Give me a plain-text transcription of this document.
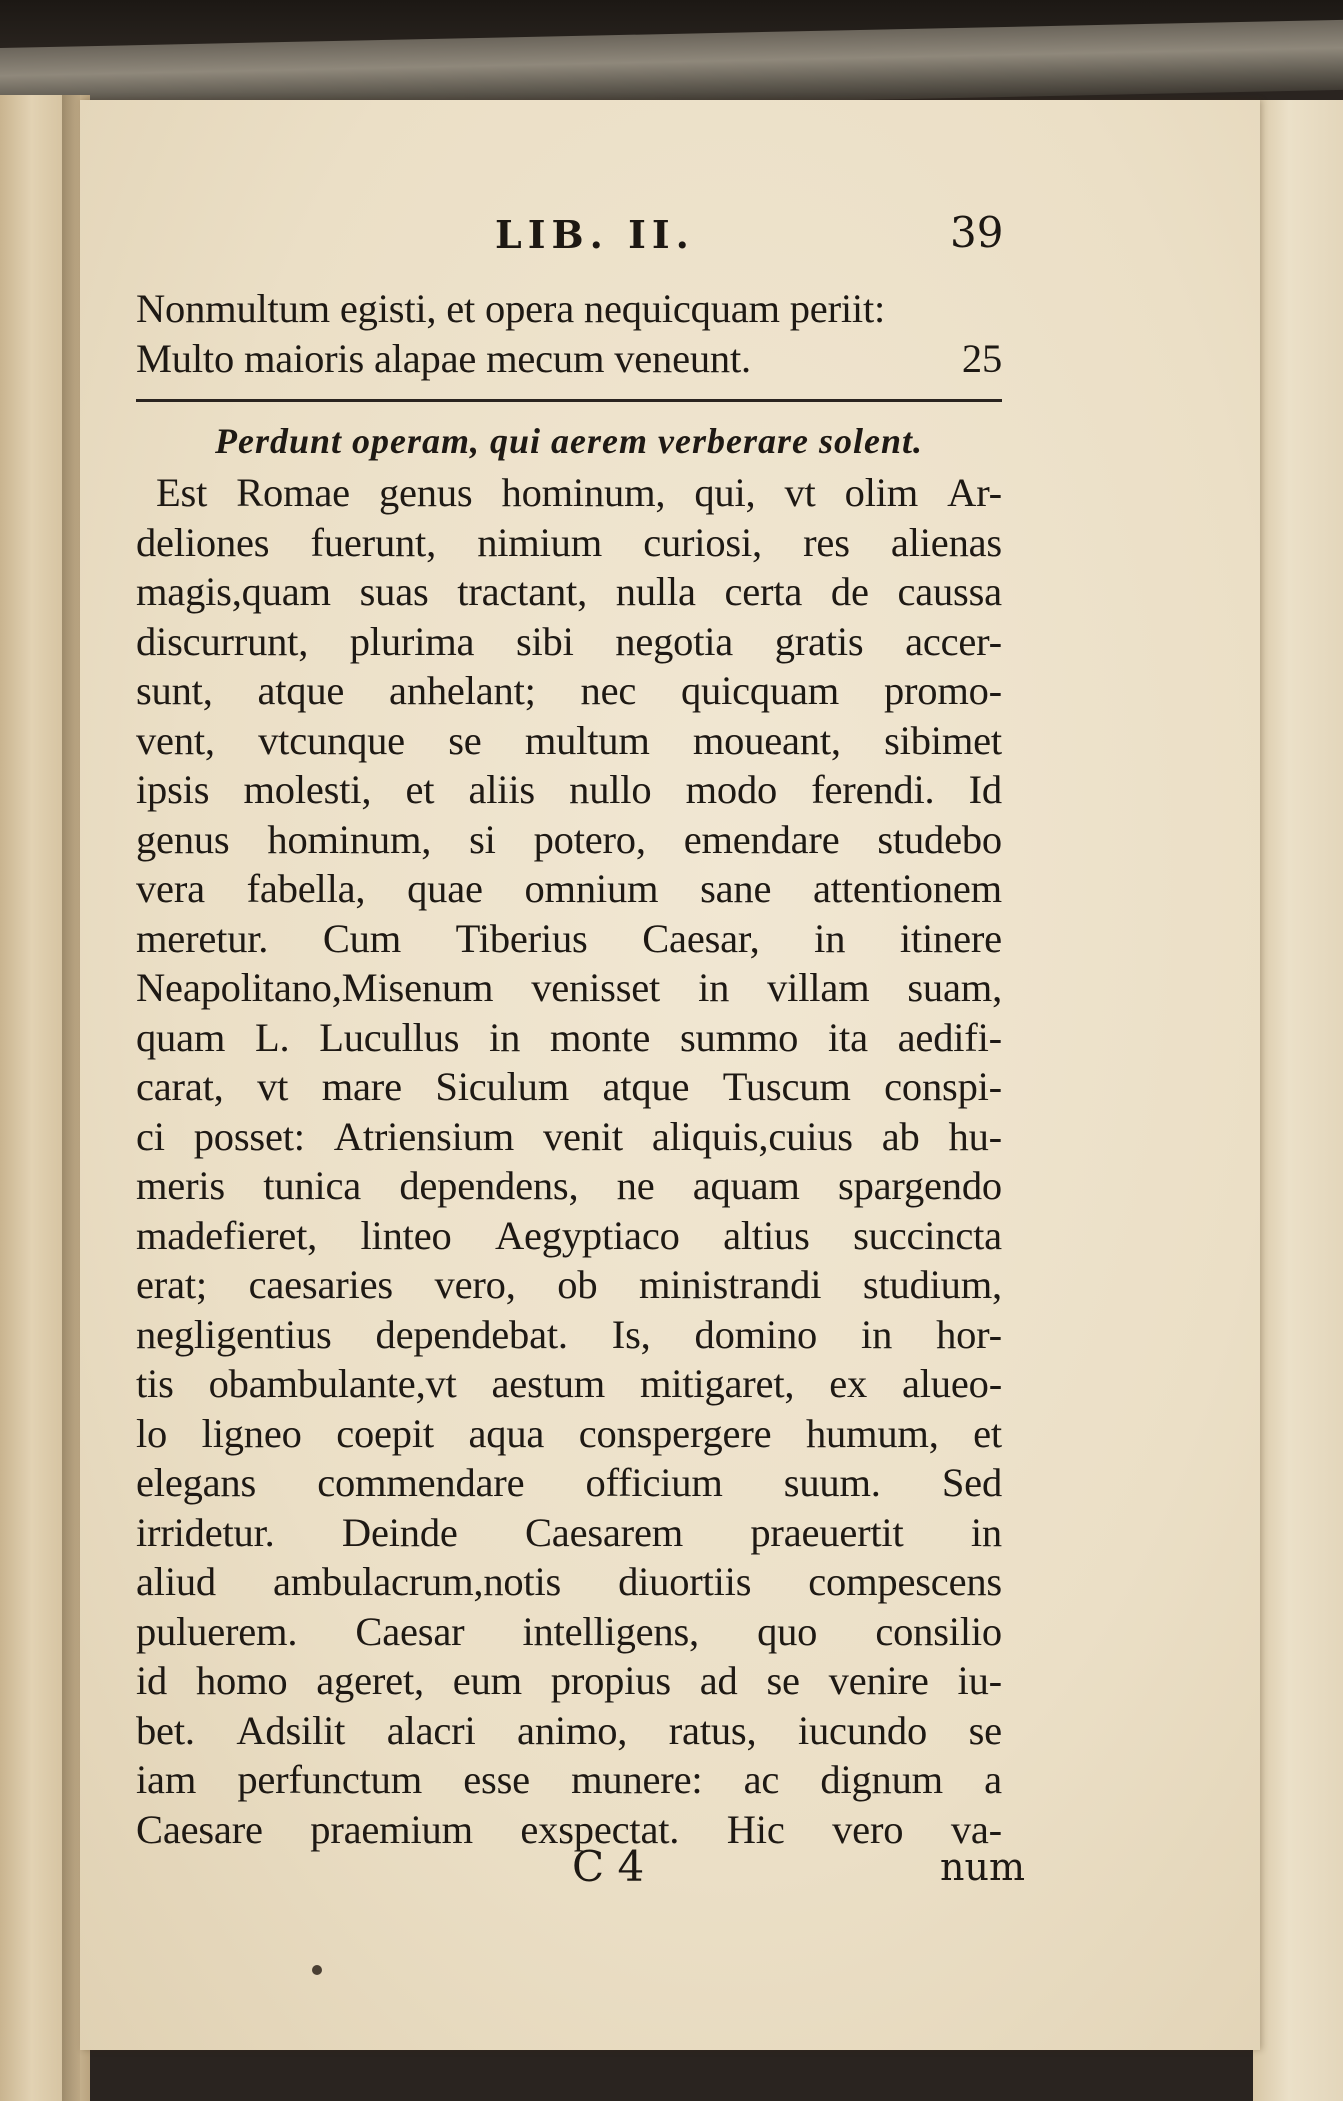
LIB. II.	39
Nonmultum egisti, et opera nequicquam periit:
Multo maioris alapae mecum veneunt.	25
Perdunt operam, qui aerem verberare solent.
Est Romae genus hominum, qui, vt olim Ar-
deliones fuerunt, nimium curiosi, res alienas
magis,quam suas tractant, nulla certa de caussa
discurrunt, plurima sibi negotia gratis accer-
sunt, atque anhelant; nec quicquam promo-
vent, vtcunque se multum moueant, sibimet
ipsis molesti, et aliis nullo modo ferendi. Id
genus hominum, si potero, emendare studebo
vera fabella, quae omnium sane attentionem
meretur. Cum Tiberius Caesar, in itinere
Neapolitano,Misenum venisset in villam suam,
quam L. Lucullus in monte summo ita aedifi-
carat, vt mare Siculum atque Tuscum conspi-
ci posset: Atriensium venit aliquis,cuius ab hu-
meris tunica dependens, ne aquam spargendo
madefieret, linteo Aegyptiaco altius succincta
erat; caesaries vero, ob ministrandi studium,
negligentius dependebat. Is, domino in hor-
tis obambulante,vt aestum mitigaret, ex alueo-
lo ligneo coepit aqua conspergere humum, et
elegans commendare officium suum. Sed
irridetur. Deinde Caesarem praeuertit in
aliud ambulacrum,notis diuortiis compescens
puluerem. Caesar intelligens, quo consilio
id homo ageret, eum propius ad se venire iu-
bet. Adsilit alacri animo, ratus, iucundo se
iam perfunctum esse munere: ac dignum a
Caesare praemium exspectat. Hic vero va-
C 4	num
